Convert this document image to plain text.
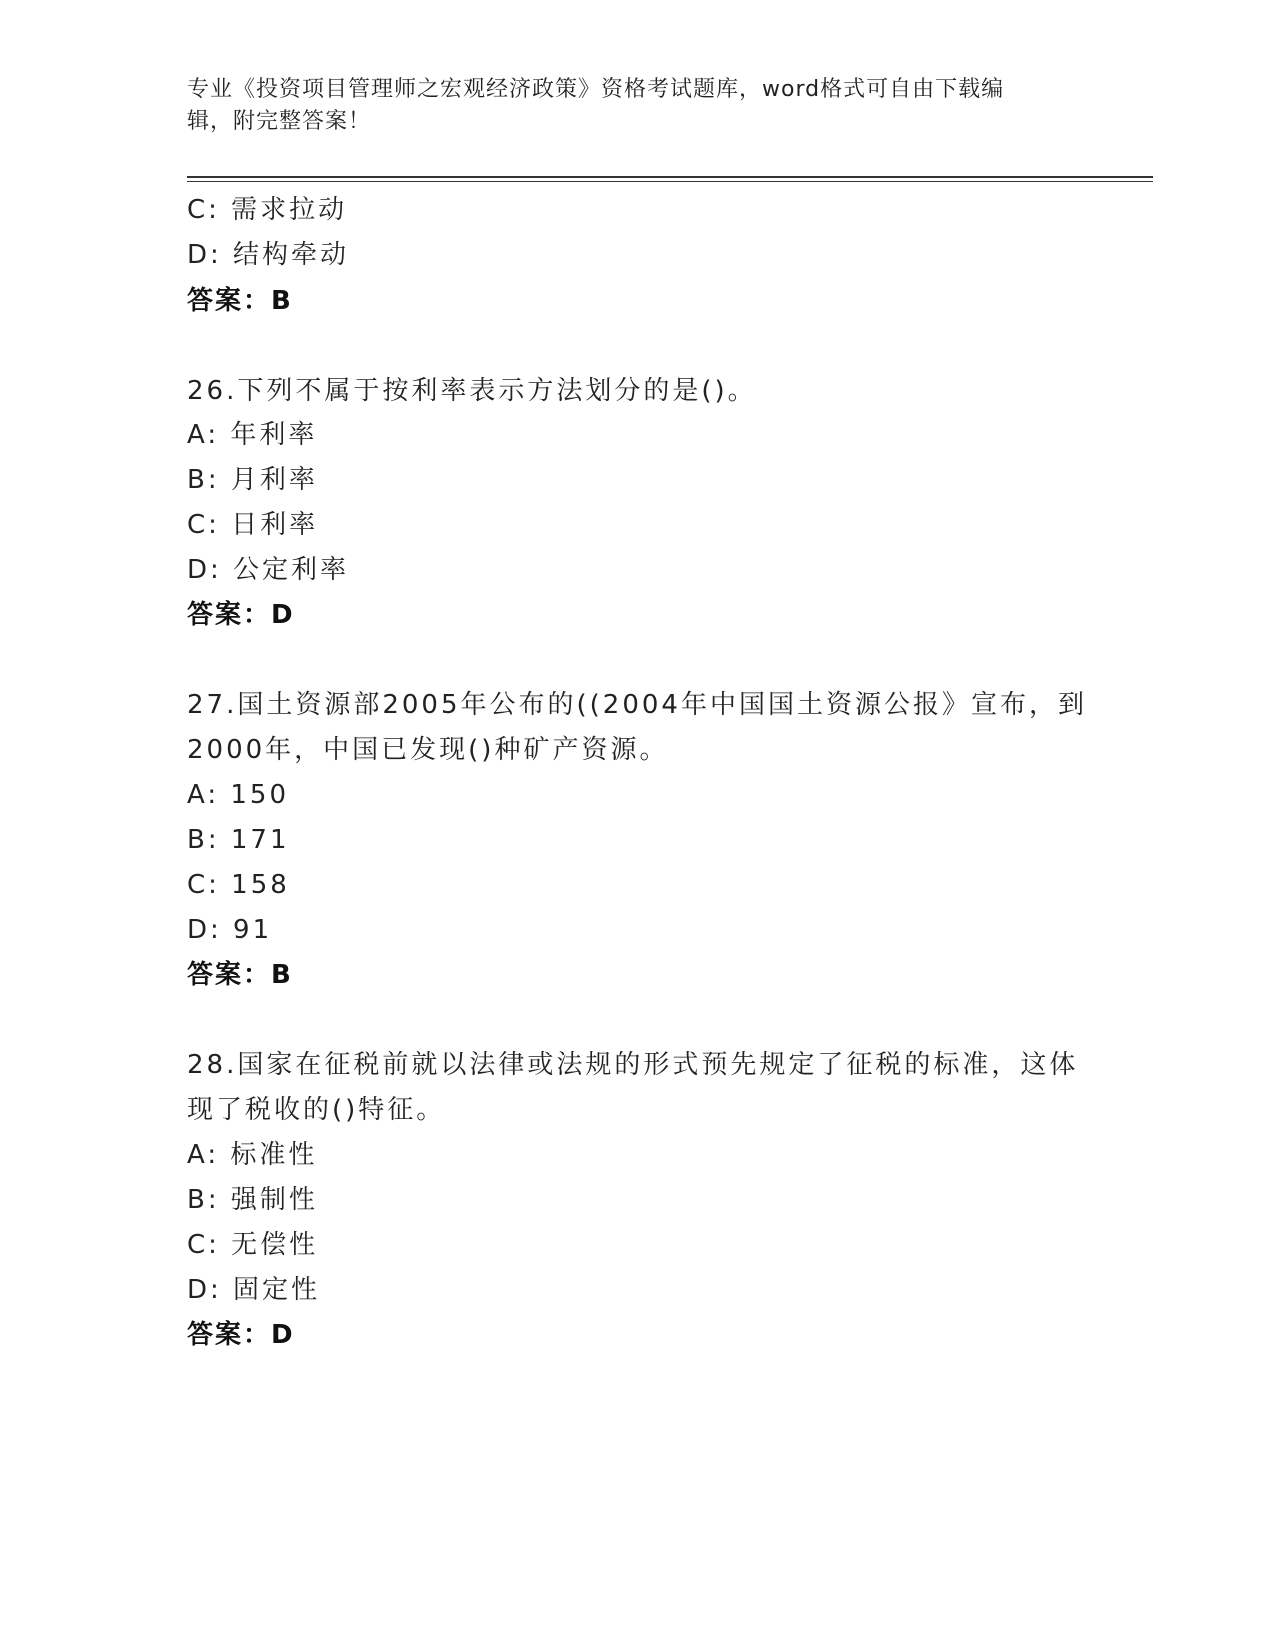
专业《投资项目管理师之宏观经济政策》资格考试题库，word格式可自由下载编
辑，附完整答案！
C: 需求拉动
D: 结构牵动
答案：B
26.下列不属于按利率表示方法划分的是()。
A: 年利率
B: 月利率
C: 日利率
D: 公定利率
答案：D
27.国土资源部2005年公布的((2004年中国国土资源公报》宣布，到
2000年，中国已发现()种矿产资源。
A: 150
B: 171
C: 158
D: 91
答案：B
28.国家在征税前就以法律或法规的形式预先规定了征税的标准，这体
现了税收的()特征。
A: 标准性
B: 强制性
C: 无偿性
D: 固定性
答案：D
